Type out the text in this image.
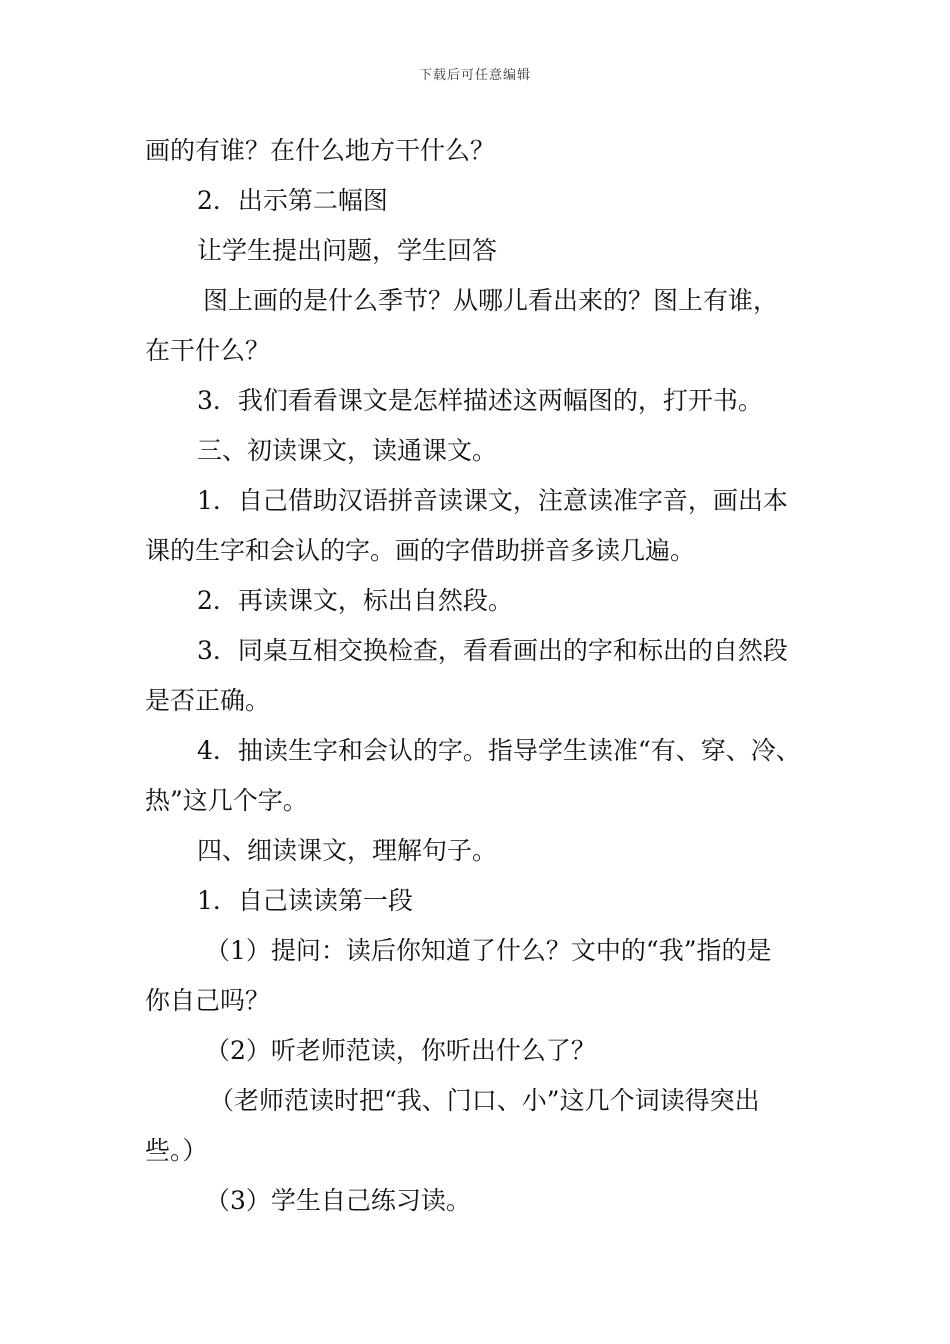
下载后可任意编辑
画的有谁？在什么地方干什么？
2．出示第二幅图
让学生提出问题，学生回答
图上画的是什么季节？从哪儿看出来的？图上有谁，
在干什么？
3．我们看看课文是怎样描述这两幅图的，打开书。
三、初读课文，读通课文。
1．自己借助汉语拼音读课文，注意读准字音，画出本
课的生字和会认的字。画的字借助拼音多读几遍。
2．再读课文，标出自然段。
3．同桌互相交换检查，看看画出的字和标出的自然段
是否正确。
4．抽读生字和会认的字。指导学生读准“有、穿、冷、
热”这几个字。
四、细读课文，理解句子。
1．自己读读第一段
（1）提问：读后你知道了什么？文中的“我”指的是
你自己吗？
（2）听老师范读，你听出什么了？
（老师范读时把“我、门口、小”这几个词读得突出
些。）
（3）学生自己练习读。
